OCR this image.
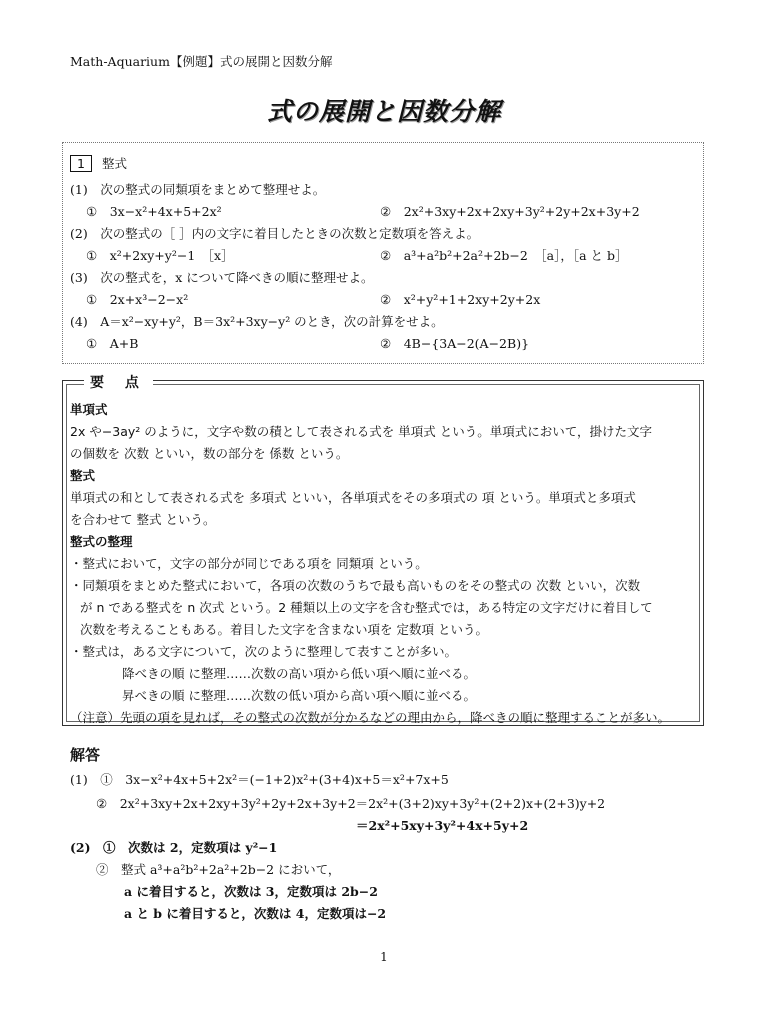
Math-Aquarium【例題】式の展開と因数分解
式の展開と因数分解
1 整式
(1)　次の整式の同類項をまとめて整理せよ。
①　3x−x²+4x+5+2x²	②　2x²+3xy+2x+2xy+3y²+2y+2x+3y+2
(2)　次の整式の［ ］内の文字に着目したときの次数と定数項を答えよ。
①　x²+2xy+y²−1　［x］	②　a³+a²b²+2a²+2b−2　［a］，［a と b］
(3)　次の整式を，x について降べきの順に整理せよ。
①　2x+x³−2−x²	②　x²+y²+1+2xy+2y+2x
(4)　A＝x²−xy+y²，B＝3x²+3xy−y² のとき，次の計算をせよ。
①　A+B	②　4B−{3A−2(A−2B)}
要 点
単項式
2x や−3ay² のように，文字や数の積として表される式を 単項式 という。単項式において，掛けた文字
の個数を 次数 といい，数の部分を 係数 という。
整式
単項式の和として表される式を 多項式 といい，各単項式をその多項式の 項 という。単項式と多項式
を合わせて 整式 という。
整式の整理
・整式において，文字の部分が同じである項を 同類項 という。
・同類項をまとめた整式において，各項の次数のうちで最も高いものをその整式の 次数 といい，次数
が n である整式を n 次式 という。2 種類以上の文字を含む整式では，ある特定の文字だけに着目して
次数を考えることもある。着目した文字を含まない項を 定数項 という。
・整式は，ある文字について，次のように整理して表すことが多い。
降べきの順 に整理……次数の高い項から低い項へ順に並べる。
昇べきの順 に整理……次数の低い項から高い項へ順に並べる。
（注意）先頭の項を見れば，その整式の次数が分かるなどの理由から，降べきの順に整理することが多い。
解答
(1)　①　3x−x²+4x+5+2x²＝(−1+2)x²+(3+4)x+5＝x²+7x+5
②　2x²+3xy+2x+2xy+3y²+2y+2x+3y+2＝2x²+(3+2)xy+3y²+(2+2)x+(2+3)y+2
＝2x²+5xy+3y²+4x+5y+2
(2)　①　次数は 2，定数項は y²−1
②　整式 a³+a²b²+2a²+2b−2 において，
a に着目すると，次数は 3，定数項は 2b−2
a と b に着目すると，次数は 4，定数項は−2
1
